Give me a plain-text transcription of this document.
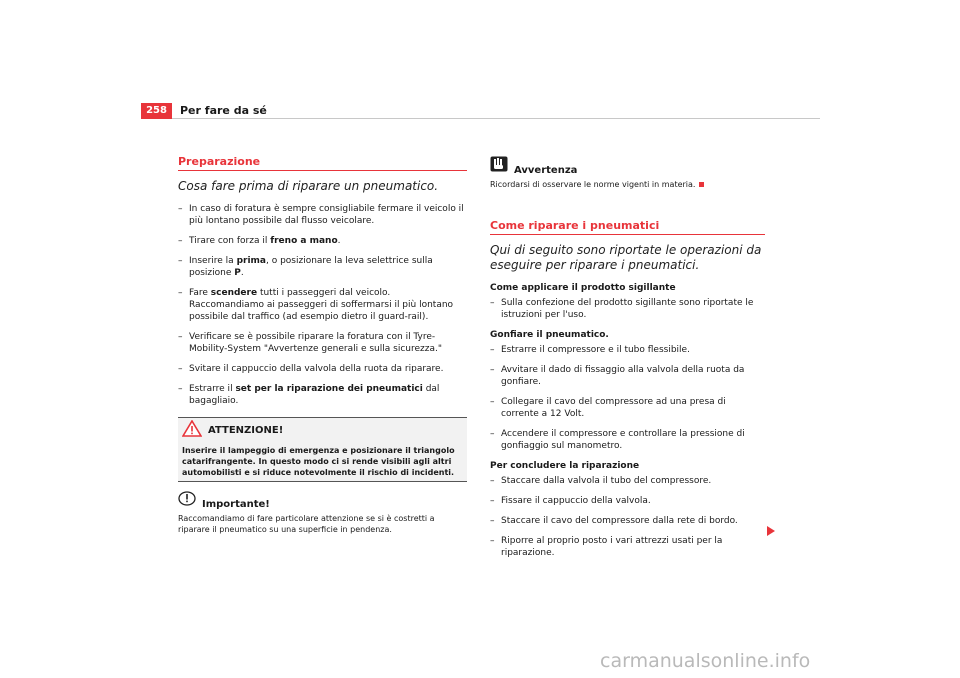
258	Per fare da sé
Preparazione
Cosa fare prima di riparare un pneumatico.
– In caso di foratura è sempre consigliabile fermare il veicolo il più lontano possibile dal flusso veicolare.
– Tirare con forza il freno a mano.
– Inserire la prima, o posizionare la leva selettrice sulla posizione P.
– Fare scendere tutti i passeggeri dal veicolo. Raccomandiamo ai passeggeri di soffermarsi il più lontano possibile dal traffico (ad esempio dietro il guard-rail).
– Verificare se è possibile riparare la foratura con il Tyre-Mobility-System "Avvertenze generali e sulla sicurezza."
– Svitare il cappuccio della valvola della ruota da riparare.
– Estrarre il set per la riparazione dei pneumatici dal bagagliaio.
ATTENZIONE!
Inserire il lampeggio di emergenza e posizionare il triangolo catarifrangente. In questo modo ci si rende visibili agli altri automobilisti e si riduce notevolmente il rischio di incidenti.
Importante!
Raccomandiamo di fare particolare attenzione se si è costretti a riparare il pneumatico su una superficie in pendenza.
Avvertenza
Ricordarsi di osservare le norme vigenti in materia.
Come riparare i pneumatici
Qui di seguito sono riportate le operazioni da eseguire per riparare i pneumatici.
Come applicare il prodotto sigillante
– Sulla confezione del prodotto sigillante sono riportate le istruzioni per l'uso.
Gonfiare il pneumatico.
– Estrarre il compressore e il tubo flessibile.
– Avvitare il dado di fissaggio alla valvola della ruota da gonfiare.
– Collegare il cavo del compressore ad una presa di corrente a 12 Volt.
– Accendere il compressore e controllare la pressione di gonfiaggio sul manometro.
Per concludere la riparazione
– Staccare dalla valvola il tubo del compressore.
– Fissare il cappuccio della valvola.
– Staccare il cavo del compressore dalla rete di bordo.
– Riporre al proprio posto i vari attrezzi usati per la riparazione.
carmanualsonline.info
